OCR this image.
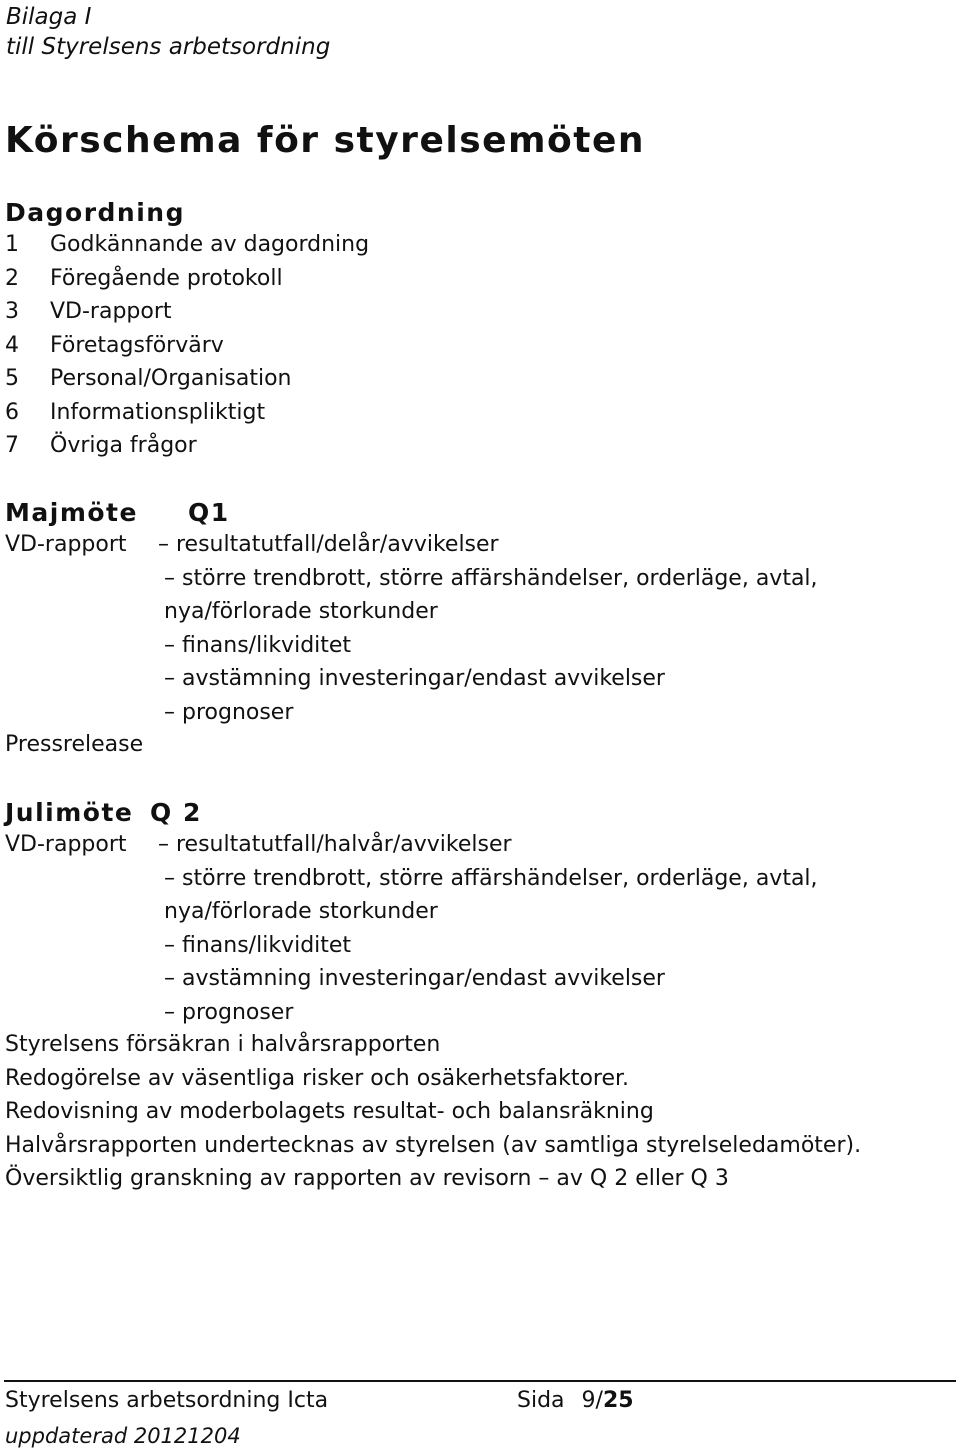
Bilaga I
till Styrelsens arbetsordning
Körschema för styrelsemöten
Dagordning
1 Godkännande av dagordning
2 Föregående protokoll
3 VD-rapport
4 Företagsförvärv
5 Personal/Organisation
6 Informationspliktigt
7 Övriga frågor
Majmöte Q1
VD-rapport – resultatutfall/delår/avvikelser
– större trendbrott, större affärshändelser, orderläge, avtal,
nya/förlorade storkunder
– finans/likviditet
– avstämning investeringar/endast avvikelser
– prognoser
Pressrelease
Julimöte Q 2
VD-rapport – resultatutfall/halvår/avvikelser
– större trendbrott, större affärshändelser, orderläge, avtal,
nya/förlorade storkunder
– finans/likviditet
– avstämning investeringar/endast avvikelser
– prognoser
Styrelsens försäkran i halvårsrapporten
Redogörelse av väsentliga risker och osäkerhetsfaktorer.
Redovisning av moderbolagets resultat- och balansräkning
Halvårsrapporten undertecknas av styrelsen (av samtliga styrelseledamöter).
Översiktlig granskning av rapporten av revisorn – av Q 2 eller Q 3
Styrelsens arbetsordning Icta	Sida 9/25
uppdaterad 20121204
